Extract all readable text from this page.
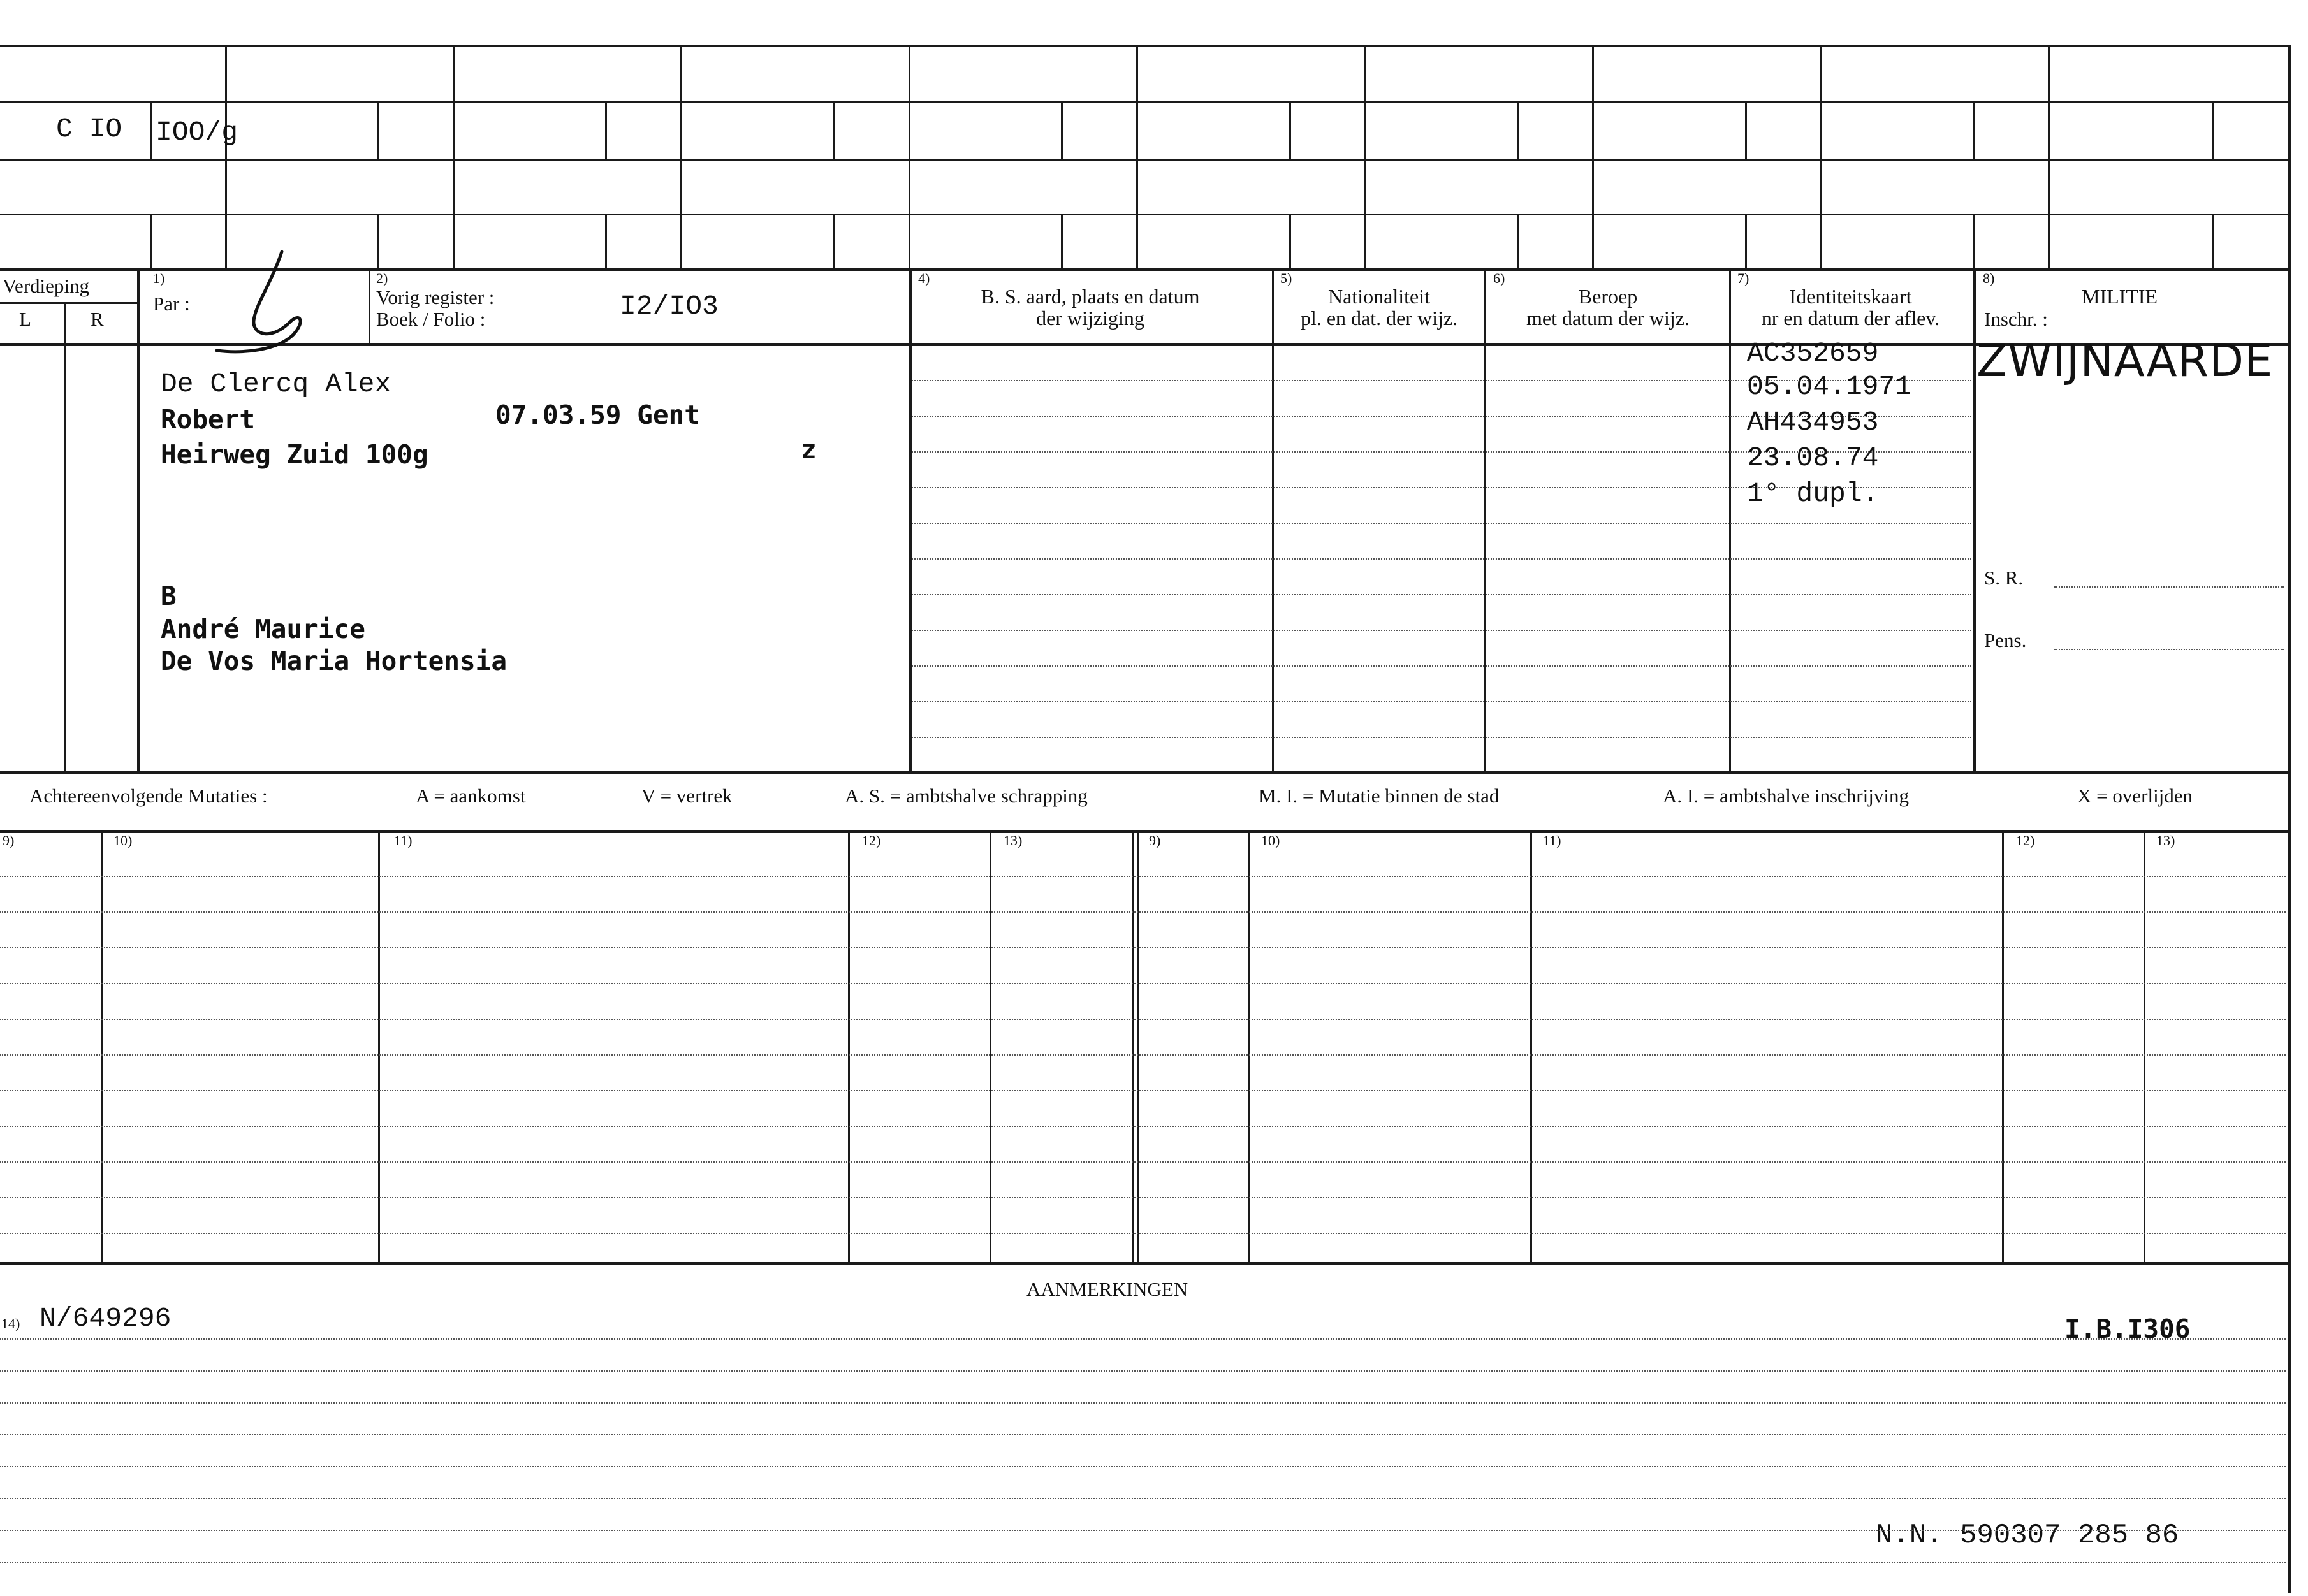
C IO IOO/g
Verdieping
L	R
1)
Par :
2)
Vorig register :
Boek / Folio :	I2/IO3
4)
B. S. aard, plaats en datum
der wijziging
5)
Nationaliteit
pl. en dat. der wijz.
6)
Beroep
met datum der wijz.
7)
Identiteitskaart
nr en datum der aflev.
8)
MILITIE
Inschr. :
De Clercq Alex
Robert	07.03.59 Gent
Heirweg Zuid 100g	z
B
André Maurice
De Vos Maria Hortensia
AC352659
05.04.1971
AH434953
23.08.74
1° dupl.
ZWIJNAARDE
S. R.
Pens.
Achtereenvolgende Mutaties :	A = aankomst	V = vertrek	A. S. = ambtshalve schrapping	M. I. = Mutatie binnen de stad	A. I. = ambtshalve inschrijving	X = overlijden
9)	10)	11)	12)	13)	9)	10)	11)	12)	13)
AANMERKINGEN
14) N/649296	I.B.I306
N.N. 590307 285 86
